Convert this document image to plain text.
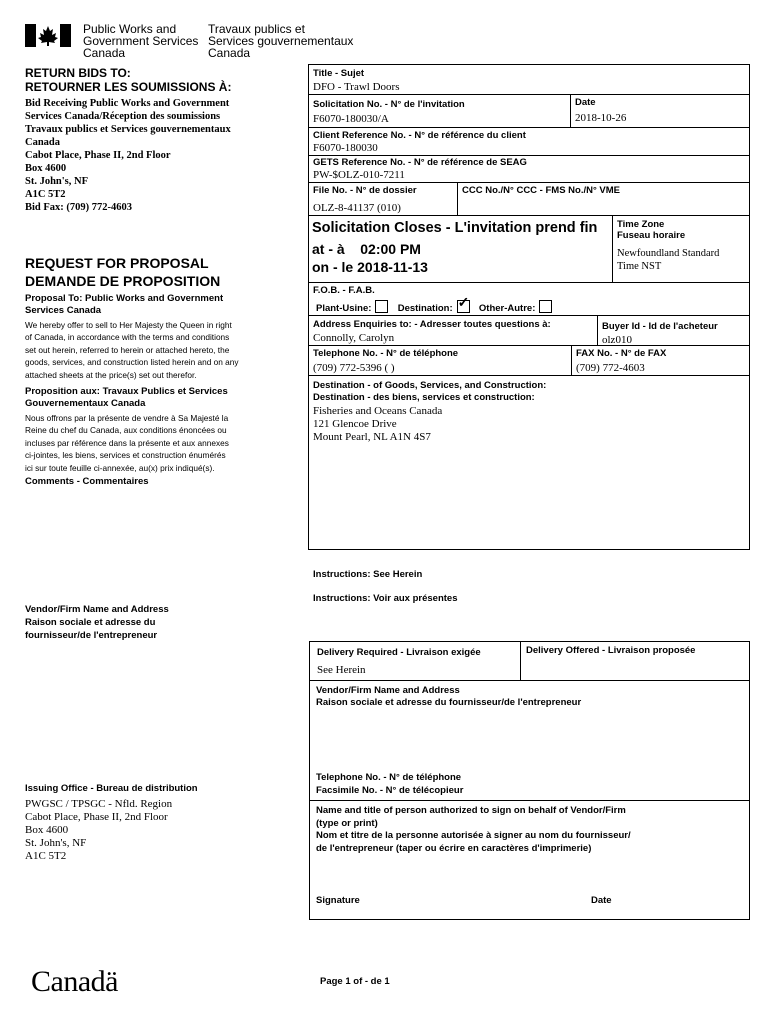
Public Works and
Government Services
Canada
Travaux publics et
Services gouvernementaux
Canada
RETURN BIDS TO:
RETOURNER LES SOUMISSIONS À:
Bid Receiving Public Works and Government
Services Canada/Réception des soumissions
Travaux publics et Services gouvernementaux
Canada
Cabot Place, Phase II, 2nd Floor
Box 4600
St. John's, NF
A1C 5T2
Bid Fax: (709) 772-4603
REQUEST FOR PROPOSAL
DEMANDE DE PROPOSITION
Proposal To: Public Works and Government
Services Canada
We hereby offer to sell to Her Majesty the Queen in right
of Canada, in accordance with the terms and conditions
set out herein, referred to herein or attached hereto, the
goods, services, and construction listed herein and on any
attached sheets at the price(s) set out therefor.
Proposition aux: Travaux Publics et Services
Gouvernementaux Canada
Nous offrons par la présente de vendre à Sa Majesté la
Reine du chef du Canada, aux conditions énoncées ou
incluses par référence dans la présente et aux annexes
ci-jointes, les biens, services et construction énumérés
ici sur toute feuille ci-annexée, au(x) prix indiqué(s).
Comments - Commentaires
Vendor/Firm Name and Address
Raison sociale et adresse du
fournisseur/de l'entrepreneur
Issuing Office - Bureau de distribution
PWGSC / TPSGC - Nfld. Region
Cabot Place, Phase II, 2nd Floor
Box 4600
St. John's, NF
A1C 5T2
Title - Sujet
DFO - Trawl Doors
Solicitation No. - N° de l'invitation
F6070-180030/A
Date
2018-10-26
Client Reference No. - N° de référence du client
F6070-180030
GETS Reference No. - N° de référence de SEAG
PW-$OLZ-010-7211
File No. - N° de dossier
OLZ-8-41137 (010)
CCC No./N° CCC - FMS No./N° VME
Solicitation Closes - L'invitation prend fin
at - à 02:00 PM
on - le 2018-11-13
Time Zone
Fuseau horaire
Newfoundland Standard
Time NST
F.O.B. - F.A.B.
Plant-Usine:	Destination:✓	Other-Autre:
Address Enquiries to: - Adresser toutes questions à:
Connolly, Carolyn
Buyer Id - Id de l'acheteur
olz010
Telephone No. - N° de téléphone
(709) 772-5396 ( )
FAX No. - N° de FAX
(709) 772-4603
Destination - of Goods, Services, and Construction:
Destination - des biens, services et construction:
Fisheries and Oceans Canada
121 Glencoe Drive
Mount Pearl, NL A1N 4S7
Instructions: See Herein
Instructions: Voir aux présentes
Delivery Required - Livraison exigée
See Herein
Delivery Offered - Livraison proposée
Vendor/Firm Name and Address
Raison sociale et adresse du fournisseur/de l'entrepreneur
Telephone No. - N° de téléphone
Facsimile No. - N° de télécopieur
Name and title of person authorized to sign on behalf of Vendor/Firm
(type or print)
Nom et titre de la personne autorisée à signer au nom du fournisseur/
de l'entrepreneur (taper ou écrire en caractères d'imprimerie)
Signature	Date
Canadä	Page 1 of - de 1
